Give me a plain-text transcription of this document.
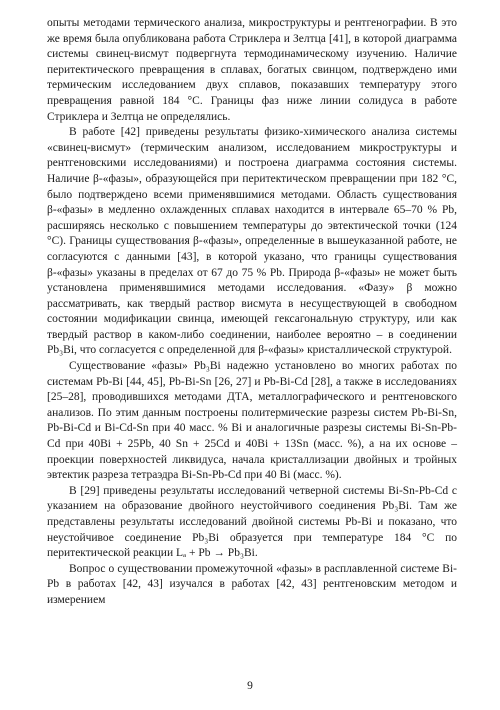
опыты методами термического анализа, микроструктуры и рентгенографии. В это же время была опубликована работа Стриклера и Зелтца [41], в которой диаграмма системы свинец-висмут подвергнута термодинамическому изучению. Наличие перитектического превращения в сплавах, богатых свинцом, подтверждено ими термическим исследованием двух сплавов, показавших температуру этого превращения равной 184 °С. Границы фаз ниже линии солидуса в работе Стриклера и Зелтца не определялись.

В работе [42] приведены результаты физико-химического анализа системы «свинец-висмут» (термическим анализом, исследованием микроструктуры и рентгеновскими исследованиями) и построена диаграмма состояния системы. Наличие β-«фазы», образующейся при перитектическом превращении при 182 °С, было подтверждено всеми применявшимися методами. Область существования β-«фазы» в медленно охлажденных сплавах находится в интервале 65–70 % Pb, расширяясь несколько с повышением температуры до эвтектической точки (124 °С). Границы существования β-«фазы», определенные в вышеуказанной работе, не согласуются с данными [43], в которой указано, что границы существования β-«фазы» указаны в пределах от 67 до 75 % Pb. Природа β-«фазы» не может быть установлена применявшимися методами исследования. «Фазу» β можно рассматривать, как твердый раствор висмута в несуществующей в свободном состоянии модификации свинца, имеющей гексагональную структуру, или как твердый раствор в каком-либо соединении, наиболее вероятно – в соединении Pb₃Bi, что согласуется с определенной для β-«фазы» кристаллической структурой.

Существование «фазы» Pb₃Bi надежно установлено во многих работах по системам Pb-Bi [44, 45], Pb-Bi-Sn [26, 27] и Pb-Bi-Cd [28], а также в исследованиях [25–28], проводившихся методами ДТА, металлографического и рентгеновского анализов. По этим данным построены политермические разрезы систем Pb-Bi-Sn, Pb-Bi-Cd и Bi-Cd-Sn при 40 масс. % Bi и аналогичные разрезы системы Bi-Sn-Pb-Cd при 40Bi + 25Pb, 40 Sn + 25Cd и 40Bi + 13Sn (масс. %), а на их основе – проекции поверхностей ликвидуса, начала кристаллизации двойных и тройных эвтектик разреза тетраэдра Bi-Sn-Pb-Cd при 40 Bi (масс. %).

В [29] приведены результаты исследований четверной системы Bi-Sn-Pb-Cd с указанием на образование двойного неустойчивого соединения Pb₃Bi. Там же представлены результаты исследований двойной системы Pb-Bi и показано, что неустойчивое соединение Pb₃Bi образуется при температуре 184 °С по перитектической реакции Lₐ + Pb → Pb₃Bi.

Вопрос о существовании промежуточной «фазы» в расплавленной системе Bi-Pb в работах [42, 43] изучался в работах [42, 43] рентгеновским методом и измерением

9
